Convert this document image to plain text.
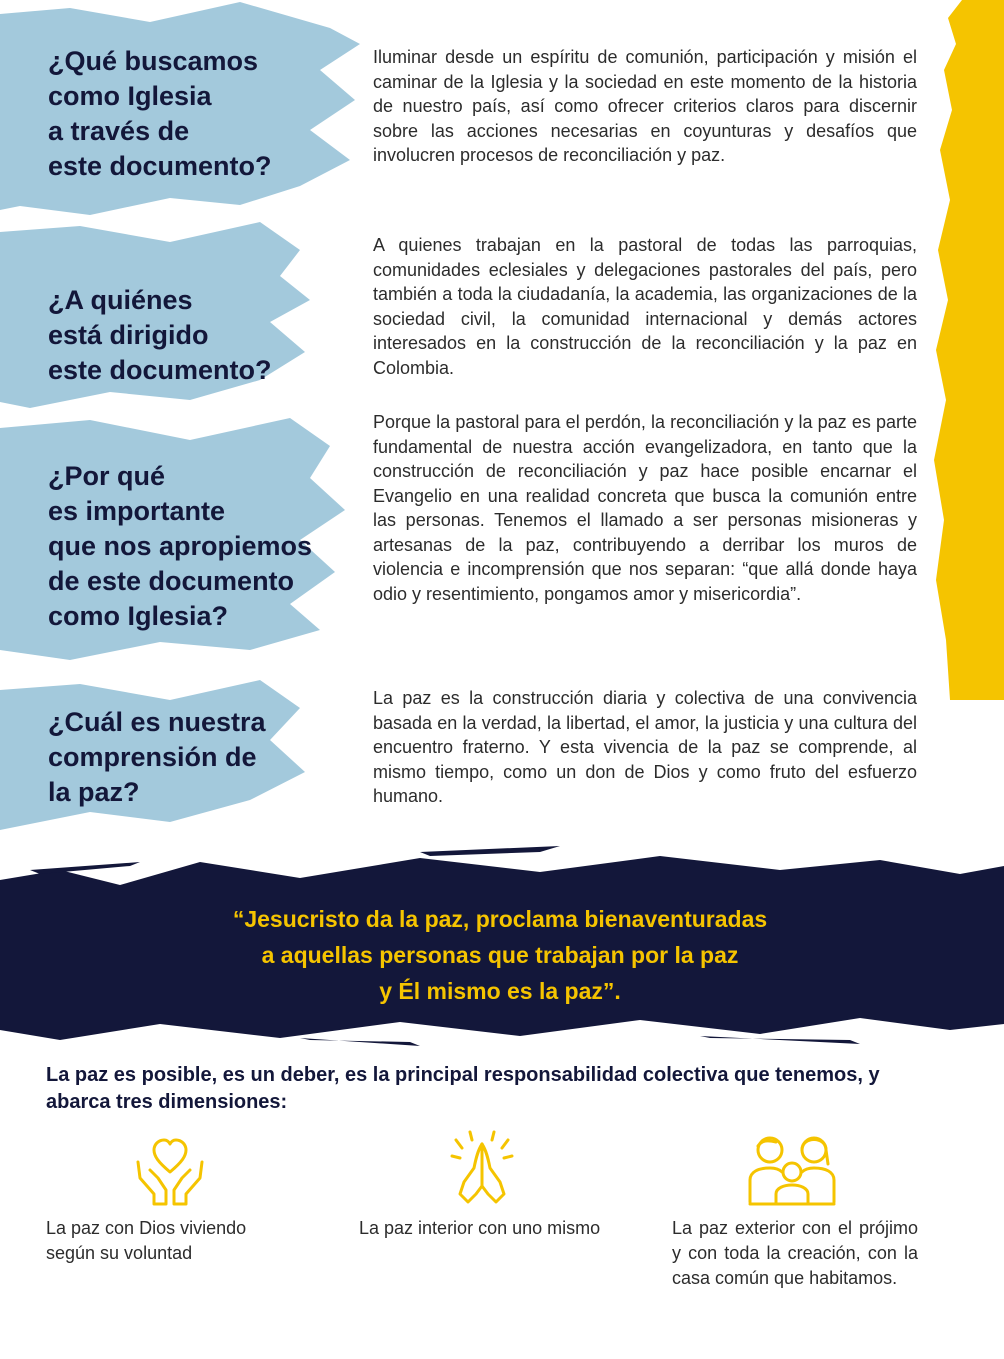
¿Qué buscamos
como Iglesia
a través de
este documento?

Iluminar desde un espíritu de comunión, participación y misión el caminar de la Iglesia y la sociedad en este momento de la historia de nuestro país, así como ofrecer criterios claros para discernir sobre las acciones necesarias en coyunturas y desafíos que involucren procesos de reconciliación y paz.

¿A quiénes
está dirigido
este documento?

A quienes trabajan en la pastoral de todas las parroquias, comunidades eclesiales y delegaciones pastorales del país, pero también a toda la ciudadanía, la academia, las organizaciones de la sociedad civil, la comunidad internacional y demás actores interesados en la construcción de la reconciliación y la paz en Colombia.

¿Por qué
es importante
que nos apropiemos
de este documento
como Iglesia?

Porque la pastoral para el perdón, la reconciliación y la paz es parte fundamental de nuestra acción evangelizadora, en tanto que la construcción de reconciliación y paz hace posible encarnar el Evangelio en una realidad concreta que busca la comunión entre las personas. Tenemos el llamado a ser personas misioneras y artesanas de la paz, contribuyendo a derribar los muros de violencia e incomprensión que nos separan: “que allá donde haya odio y resentimiento, pongamos amor y misericordia”.

¿Cuál es nuestra
comprensión de
la paz?

La paz es la construcción diaria y colectiva de una convivencia basada en la verdad, la libertad, el amor, la justicia y una cultura del encuentro fraterno. Y esta vivencia de la paz se comprende, al mismo tiempo, como un don de Dios y como fruto del esfuerzo humano.

“Jesucristo da la paz, proclama bienaventuradas
a aquellas personas que trabajan por la paz
y Él mismo es la paz”.

La paz es posible, es un deber, es la principal responsabilidad colectiva que tenemos, y abarca tres dimensiones:

La paz con Dios viviendo según su voluntad

La paz interior con uno mismo	La paz exterior con el prójimo y con toda la creación, con la casa común que habitamos.
